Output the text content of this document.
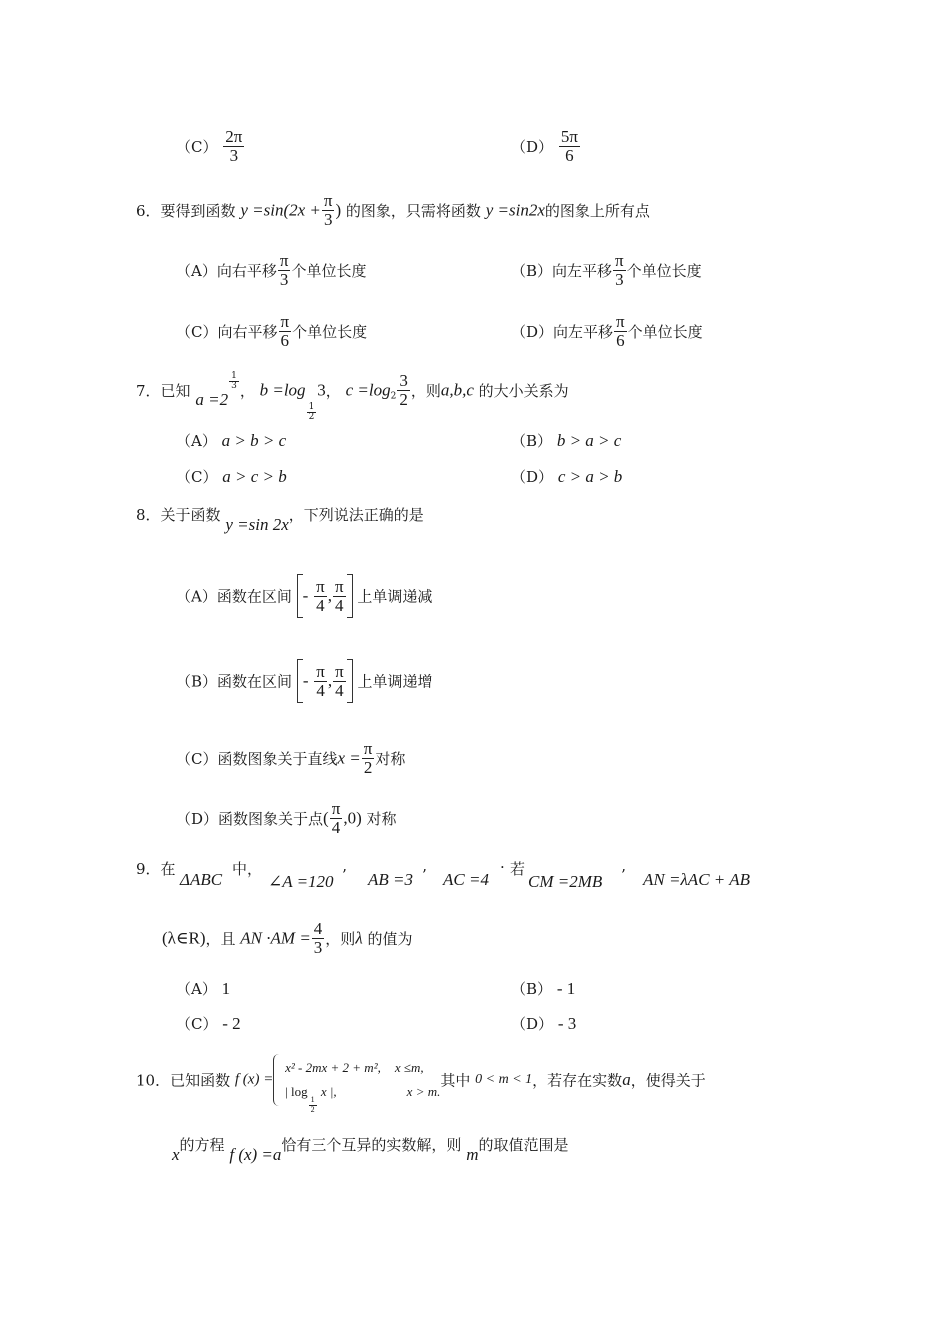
$(C) \frac{2\pi}{3}$	$(D) \frac{5\pi}{6}$
6．要得到函数 $y =\sin(2x + \frac{\pi}{3}$ ) 的图象，只需将函数 y =sin2x的图象上所有点
（A）向右平移 $\frac{\pi}{3}$ 个单位长度	（B）向左平移 $\frac{\pi}{3}$ 个单位长度
（C）向右平移 $\frac{\pi}{6}$ 个单位长度	（D）向左平移 $\frac{\pi}{6}$ 个单位长度
7．已知 a =2
$\frac{1}{3}$ ， b =log
$\frac{1}{2}$
3， $c =\log_2 \frac{3}{2}$ ，则a,b,c 的大小关系为
（A） a > b > c	（B） b > a > c
（C） a > c > b	（D） c > a > b
8．关于函数 y =sin 2x，下列说法正确的是
（A）函数在区间 - $\frac{\pi}{4}$ , $\frac{\pi}{4}$ 上单调递减
（B）函数在区间 - $\frac{\pi}{4}$ , $\frac{\pi}{4}$ 上单调递增
（C）函数图象关于直线$x = \frac{\pi}{2}$ 对称
（D）函数图象关于点( $\frac{\pi}{4} ,0$) 对称
9．在
ΔABC
中，
∠A =120 ’ AB =3 ’ AC =4
· 若
CM =2MB ’ AN =λAC + AB
(λ∈R)，且 AN $\cdot AM = \frac{4}{3}$ ，则λ 的值为
（A） 1	（B） - 1
（C） - 2	（D） - 3
10．已知函数 f (x) =
x² - 2mx + 2 + m², x ≤m,
| log
$\frac{1}{2}$
x |,	x > m.
其中 0 < m < 1，若存在实数a，使得关于
x的方程 f (x) =a恰有三个互异的实数解，则 m的取值范围是
